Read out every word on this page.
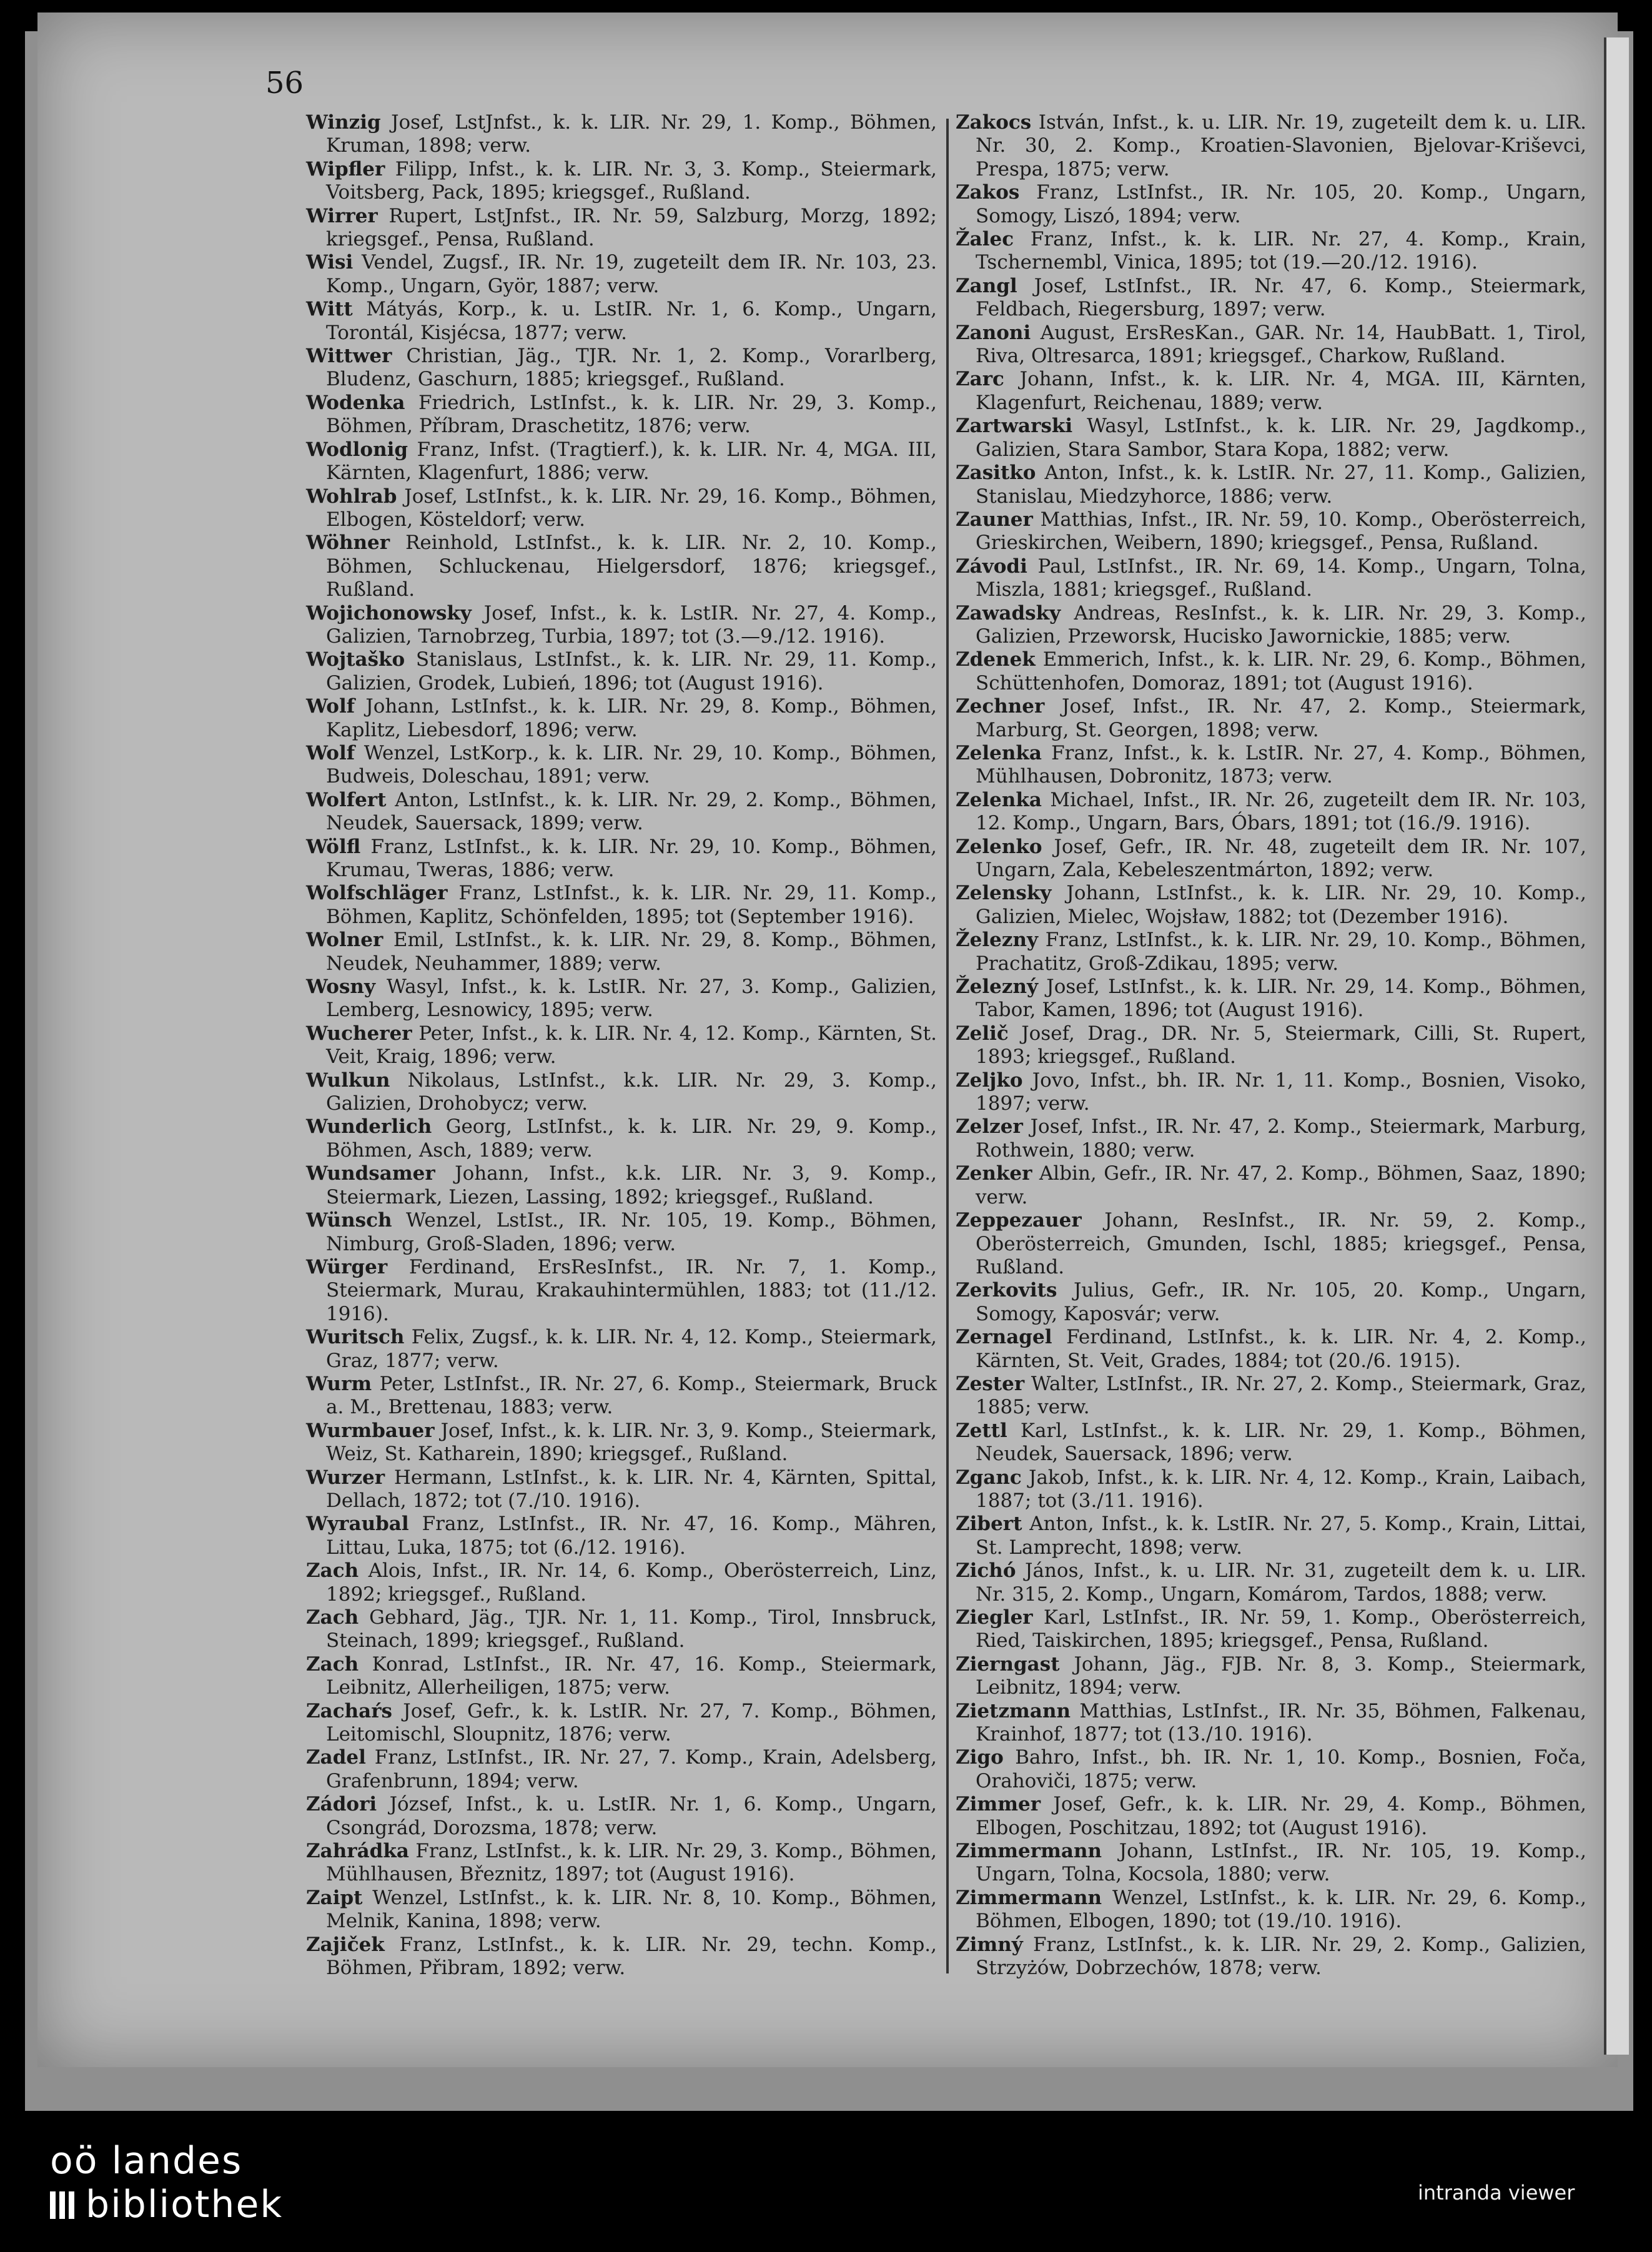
56

Winzig Josef, LstJnfst., k. k. LIR. Nr. 29, 1. Komp., Böhmen, Kruman, 1898; verw.

Wipfler Filipp, Infst., k. k. LIR. Nr. 3, 3. Komp., Steiermark, Voitsberg, Pack, 1895; kriegsgef., Rußland.

Wirrer Rupert, LstJnfst., IR. Nr. 59, Salzburg, Morzg, 1892; kriegsgef., Pensa, Rußland.

Wisi Vendel, Zugsf., IR. Nr. 19, zugeteilt dem IR. Nr. 103, 23. Komp., Ungarn, Györ, 1887; verw.

Witt Mátyás, Korp., k. u. LstIR. Nr. 1, 6. Komp., Ungarn, Torontál, Kisjécsa, 1877; verw.

Wittwer Christian, Jäg., TJR. Nr. 1, 2. Komp., Vorarlberg, Bludenz, Gaschurn, 1885; kriegsgef., Rußland.

Wodenka Friedrich, LstInfst., k. k. LIR. Nr. 29, 3. Komp., Böhmen, Příbram, Draschetitz, 1876; verw.

Wodlonig Franz, Infst. (Tragtierf.), k. k. LIR. Nr. 4, MGA. III, Kärnten, Klagenfurt, 1886; verw.

Wohlrab Josef, LstInfst., k. k. LIR. Nr. 29, 16. Komp., Böhmen, Elbogen, Kösteldorf; verw.

Wöhner Reinhold, LstInfst., k. k. LIR. Nr. 2, 10. Komp., Böhmen, Schluckenau, Hielgersdorf, 1876; kriegsgef., Rußland.

Wojichonowsky Josef, Infst., k. k. LstIR. Nr. 27, 4. Komp., Galizien, Tarnobrzeg, Turbia, 1897; tot (3.—9./12. 1916).

Wojtaško Stanislaus, LstInfst., k. k. LIR. Nr. 29, 11. Komp., Galizien, Grodek, Lubień, 1896; tot (August 1916).

Wolf Johann, LstInfst., k. k. LIR. Nr. 29, 8. Komp., Böhmen, Kaplitz, Liebesdorf, 1896; verw.

Wolf Wenzel, LstKorp., k. k. LIR. Nr. 29, 10. Komp., Böhmen, Budweis, Doleschau, 1891; verw.

Wolfert Anton, LstInfst., k. k. LIR. Nr. 29, 2. Komp., Böhmen, Neudek, Sauersack, 1899; verw.

Wölfl Franz, LstInfst., k. k. LIR. Nr. 29, 10. Komp., Böhmen, Krumau, Tweras, 1886; verw.

Wolfschläger Franz, LstInfst., k. k. LIR. Nr. 29, 11. Komp., Böhmen, Kaplitz, Schönfelden, 1895; tot (September 1916).

Wolner Emil, LstInfst., k. k. LIR. Nr. 29, 8. Komp., Böhmen, Neudek, Neuhammer, 1889; verw.

Wosny Wasyl, Infst., k. k. LstIR. Nr. 27, 3. Komp., Galizien, Lemberg, Lesnowicy, 1895; verw.

Wucherer Peter, Infst., k. k. LIR. Nr. 4, 12. Komp., Kärnten, St. Veit, Kraig, 1896; verw.

Wulkun Nikolaus, LstInfst., k.k. LIR. Nr. 29, 3. Komp., Galizien, Drohobycz; verw.

Wunderlich Georg, LstInfst., k. k. LIR. Nr. 29, 9. Komp., Böhmen, Asch, 1889; verw.

Wundsamer Johann, Infst., k.k. LIR. Nr. 3, 9. Komp., Steiermark, Liezen, Lassing, 1892; kriegsgef., Rußland.

Wünsch Wenzel, LstIst., IR. Nr. 105, 19. Komp., Böhmen, Nimburg, Groß-Sladen, 1896; verw.

Würger Ferdinand, ErsResInfst., IR. Nr. 7, 1. Komp., Steiermark, Murau, Krakauhintermühlen, 1883; tot (11./12. 1916).

Wuritsch Felix, Zugsf., k. k. LIR. Nr. 4, 12. Komp., Steiermark, Graz, 1877; verw.

Wurm Peter, LstInfst., IR. Nr. 27, 6. Komp., Steiermark, Bruck a. M., Brettenau, 1883; verw.

Wurmbauer Josef, Infst., k. k. LIR. Nr. 3, 9. Komp., Steiermark, Weiz, St. Katharein, 1890; kriegsgef., Rußland.

Wurzer Hermann, LstInfst., k. k. LIR. Nr. 4, Kärnten, Spittal, Dellach, 1872; tot (7./10. 1916).

Wyraubal Franz, LstInfst., IR. Nr. 47, 16. Komp., Mähren, Littau, Luka, 1875; tot (6./12. 1916).

Zach Alois, Infst., IR. Nr. 14, 6. Komp., Oberösterreich, Linz, 1892; kriegsgef., Rußland.

Zach Gebhard, Jäg., TJR. Nr. 1, 11. Komp., Tirol, Innsbruck, Steinach, 1899; kriegsgef., Rußland.

Zach Konrad, LstInfst., IR. Nr. 47, 16. Komp., Steiermark, Leibnitz, Allerheiligen, 1875; verw.

Zachaŕs Josef, Gefr., k. k. LstIR. Nr. 27, 7. Komp., Böhmen, Leitomischl, Sloupnitz, 1876; verw.

Zadel Franz, LstInfst., IR. Nr. 27, 7. Komp., Krain, Adelsberg, Grafenbrunn, 1894; verw.

Zádori József, Infst., k. u. LstIR. Nr. 1, 6. Komp., Ungarn, Csongrád, Dorozsma, 1878; verw.

Zahrádka Franz, LstInfst., k. k. LIR. Nr. 29, 3. Komp., Böhmen, Mühlhausen, Březnitz, 1897; tot (August 1916).

Zaipt Wenzel, LstInfst., k. k. LIR. Nr. 8, 10. Komp., Böhmen, Melnik, Kanina, 1898; verw.

Zajiček Franz, LstInfst., k. k. LIR. Nr. 29, techn. Komp., Böhmen, Přibram, 1892; verw.

Zakocs István, Infst., k. u. LIR. Nr. 19, zugeteilt dem k. u. LIR. Nr. 30, 2. Komp., Kroatien-Slavonien, Bjelovar-Kriševci, Prespa, 1875; verw.

Zakos Franz, LstInfst., IR. Nr. 105, 20. Komp., Ungarn, Somogy, Liszó, 1894; verw.

Žalec Franz, Infst., k. k. LIR. Nr. 27, 4. Komp., Krain, Tschernembl, Vinica, 1895; tot (19.—20./12. 1916).

Zangl Josef, LstInfst., IR. Nr. 47, 6. Komp., Steiermark, Feldbach, Riegersburg, 1897; verw.

Zanoni August, ErsResKan., GAR. Nr. 14, HaubBatt. 1, Tirol, Riva, Oltresarca, 1891; kriegsgef., Charkow, Rußland.

Zarc Johann, Infst., k. k. LIR. Nr. 4, MGA. III, Kärnten, Klagenfurt, Reichenau, 1889; verw.

Zartwarski Wasyl, LstInfst., k. k. LIR. Nr. 29, Jagdkomp., Galizien, Stara Sambor, Stara Kopa, 1882; verw.

Zasitko Anton, Infst., k. k. LstIR. Nr. 27, 11. Komp., Galizien, Stanislau, Miedzyhorce, 1886; verw.

Zauner Matthias, Infst., IR. Nr. 59, 10. Komp., Oberösterreich, Grieskirchen, Weibern, 1890; kriegsgef., Pensa, Rußland.

Závodi Paul, LstInfst., IR. Nr. 69, 14. Komp., Ungarn, Tolna, Miszla, 1881; kriegsgef., Rußland.

Zawadsky Andreas, ResInfst., k. k. LIR. Nr. 29, 3. Komp., Galizien, Przeworsk, Hucisko Jawornickie, 1885; verw.

Zdenek Emmerich, Infst., k. k. LIR. Nr. 29, 6. Komp., Böhmen, Schüttenhofen, Domoraz, 1891; tot (August 1916).

Zechner Josef, Infst., IR. Nr. 47, 2. Komp., Steiermark, Marburg, St. Georgen, 1898; verw.

Zelenka Franz, Infst., k. k. LstIR. Nr. 27, 4. Komp., Böhmen, Mühlhausen, Dobronitz, 1873; verw.

Zelenka Michael, Infst., IR. Nr. 26, zugeteilt dem IR. Nr. 103, 12. Komp., Ungarn, Bars, Óbars, 1891; tot (16./9. 1916).

Zelenko Josef, Gefr., IR. Nr. 48, zugeteilt dem IR. Nr. 107, Ungarn, Zala, Kebeleszentmárton, 1892; verw.

Zelensky Johann, LstInfst., k. k. LIR. Nr. 29, 10. Komp., Galizien, Mielec, Wojsław, 1882; tot (Dezember 1916).

Železny Franz, LstInfst., k. k. LIR. Nr. 29, 10. Komp., Böhmen, Prachatitz, Groß-Zdikau, 1895; verw.

Železný Josef, LstInfst., k. k. LIR. Nr. 29, 14. Komp., Böhmen, Tabor, Kamen, 1896; tot (August 1916).

Zelič Josef, Drag., DR. Nr. 5, Steiermark, Cilli, St. Rupert, 1893; kriegsgef., Rußland.

Zeljko Jovo, Infst., bh. IR. Nr. 1, 11. Komp., Bosnien, Visoko, 1897; verw.

Zelzer Josef, Infst., IR. Nr. 47, 2. Komp., Steiermark, Marburg, Rothwein, 1880; verw.

Zenker Albin, Gefr., IR. Nr. 47, 2. Komp., Böhmen, Saaz, 1890; verw.

Zeppezauer Johann, ResInfst., IR. Nr. 59, 2. Komp., Oberösterreich, Gmunden, Ischl, 1885; kriegsgef., Pensa, Rußland.

Zerkovits Julius, Gefr., IR. Nr. 105, 20. Komp., Ungarn, Somogy, Kaposvár; verw.

Zernagel Ferdinand, LstInfst., k. k. LIR. Nr. 4, 2. Komp., Kärnten, St. Veit, Grades, 1884; tot (20./6. 1915).

Zester Walter, LstInfst., IR. Nr. 27, 2. Komp., Steiermark, Graz, 1885; verw.

Zettl Karl, LstInfst., k. k. LIR. Nr. 29, 1. Komp., Böhmen, Neudek, Sauersack, 1896; verw.

Zganc Jakob, Infst., k. k. LIR. Nr. 4, 12. Komp., Krain, Laibach, 1887; tot (3./11. 1916).

Zibert Anton, Infst., k. k. LstIR. Nr. 27, 5. Komp., Krain, Littai, St. Lamprecht, 1898; verw.

Zichó János, Infst., k. u. LIR. Nr. 31, zugeteilt dem k. u. LIR. Nr. 315, 2. Komp., Ungarn, Komárom, Tardos, 1888; verw.

Ziegler Karl, LstInfst., IR. Nr. 59, 1. Komp., Oberösterreich, Ried, Taiskirchen, 1895; kriegsgef., Pensa, Rußland.

Zierngast Johann, Jäg., FJB. Nr. 8, 3. Komp., Steiermark, Leibnitz, 1894; verw.

Zietzmann Matthias, LstInfst., IR. Nr. 35, Böhmen, Falkenau, Krainhof, 1877; tot (13./10. 1916).

Zigo Bahro, Infst., bh. IR. Nr. 1, 10. Komp., Bosnien, Foča, Orahoviči, 1875; verw.

Zimmer Josef, Gefr., k. k. LIR. Nr. 29, 4. Komp., Böhmen, Elbogen, Poschitzau, 1892; tot (August 1916).

Zimmermann Johann, LstInfst., IR. Nr. 105, 19. Komp., Ungarn, Tolna, Kocsola, 1880; verw.

Zimmermann Wenzel, LstInfst., k. k. LIR. Nr. 29, 6. Komp., Böhmen, Elbogen, 1890; tot (19./10. 1916).

Zimný Franz, LstInfst., k. k. LIR. Nr. 29, 2. Komp., Galizien, Strzyżów, Dobrzechów, 1878; verw.

oö landes
bibliothek	intranda viewer
